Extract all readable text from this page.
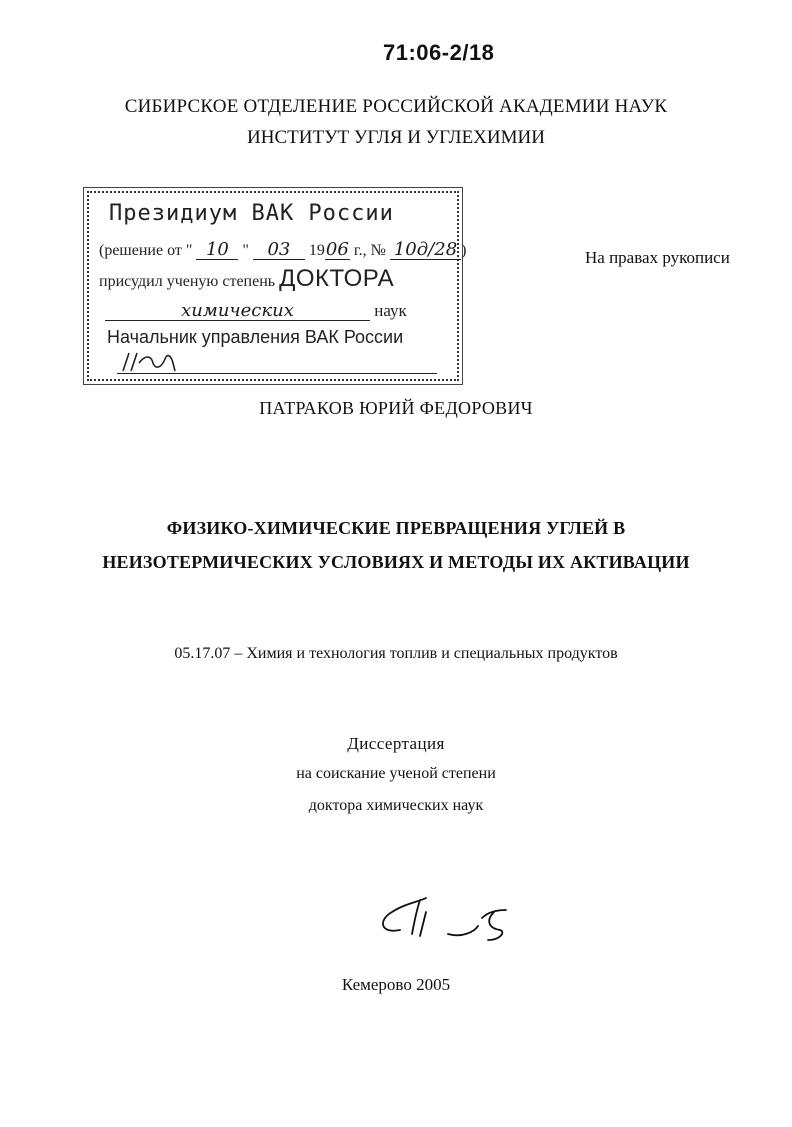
71:06-2/18
СИБИРСКОЕ ОТДЕЛЕНИЕ РОССИЙСКОЙ АКАДЕМИИ НАУК
ИНСТИТУТ УГЛЯ И УГЛЕХИМИИ
Президиум ВАК России
(решение от " 10 " 03 1906 г., № 10д/28 )
присудил ученую степень ДОКТОРА
химических	наук
Начальник управления ВАК России
На правах рукописи
ПАТРАКОВ ЮРИЙ ФЕДОРОВИЧ
ФИЗИКО-ХИМИЧЕСКИЕ ПРЕВРАЩЕНИЯ УГЛЕЙ В
НЕИЗОТЕРМИЧЕСКИХ УСЛОВИЯХ И МЕТОДЫ ИХ АКТИВАЦИИ
05.17.07 – Химия и технология топлив и специальных продуктов
Диссертация
на соискание ученой степени
доктора химических наук
Кемерово 2005
